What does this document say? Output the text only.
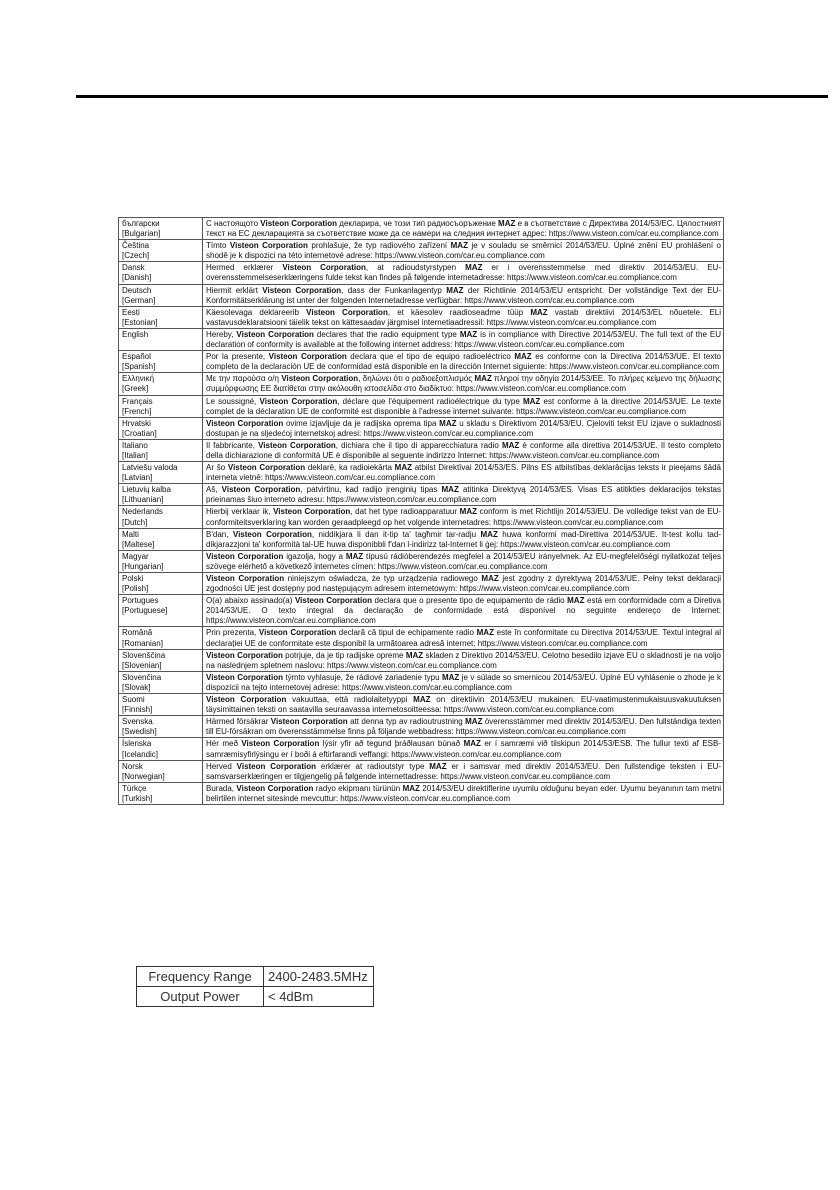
български
[Bulgarian]	С настоящото Visteon Corporation декларира, че този тип радиосъоръжение MAZ е в съответствие с Директива 2014/53/ЕС. Цялостният текст на ЕС декларацията за съответствие може да се намери на следния интернет адрес: https://www.visteon.com/car.eu.compliance.com

Čeština
[Czech]	Tímto Visteon Corporation prohlašuje, že typ radiového zařízení MAZ je v souladu se směrnicí 2014/53/EU. Úplné znění EU prohlášení o shodě je k dispozici na této internetové adrese: https://www.visteon.com/car.eu.compliance.com

Dansk
[Danish]	Hermed erklærer Visteon Corporation, at radioudstyrstypen MAZ er i overensstemmelse med direktiv 2014/53/EU. EU-overensstemmelseserklæringens fulde tekst kan findes på følgende internetadresse: https://www.visteon.com/car.eu.compliance.com

Deutsch
[German]	Hiermit erklärt Visteon Corporation, dass der Funkanlagentyp MAZ der Richtlinie 2014/53/EU entspricht. Der vollständige Text der EU-Konformitätserklärung ist unter der folgenden Internetadresse verfügbar: https://www.visteon.com/car.eu.compliance.com

Eesti
[Estonian]	Käesolevaga deklareerib Visteon Corporation, et käesolev raadioseadme tüüp MAZ vastab direktiivi 2014/53/EL nõuetele. ELi vastavusdeklaratsiooni täielik tekst on kättesaadav järgmisel internetiaadressil: https://www.visteon.com/car.eu.compliance.com

English	Hereby, Visteon Corporation declares that the radio equipment type MAZ is in compliance with Directive 2014/53/EU. The full text of the EU declaration of conformity is available at the following internet address: https://www.visteon.com/car.eu.compliance.com

Español
[Spanish]	Por la presente, Visteon Corporation declara que el tipo de equipo radioeléctrico MAZ es conforme con la Directiva 2014/53/UE. El texto completo de la declaración UE de conformidad está disponible en la dirección Internet siguiente: https://www.visteon.com/car.eu.compliance.com

Ελληνική
[Greek]	Με την παρούσα ο/η Visteon Corporation, δηλώνει ότι ο ραδιοεξοπλισμός MAZ πληροί την οδηγία 2014/53/ΕΕ. Το πλήρες κείμενο της δήλωσης συμμόρφωσης ΕΕ διατίθεται στην ακόλουθη ιστοσελίδα στο διαδίκτυο: https://www.visteon.com/car.eu.compliance.com

Français
[French]	Le soussigné, Visteon Corporation, déclare que l'équipement radioélectrique du type MAZ est conforme à la directive 2014/53/UE. Le texte complet de la déclaration UE de conformité est disponible à l'adresse internet suivante: https://www.visteon.com/car.eu.compliance.com

Hrvatski
[Croatian]	Visteon Corporation ovime izjavljuje da je radijska oprema tipa MAZ u skladu s Direktivom 2014/53/EU. Cjeloviti tekst EU izjave o sukladnosti dostupan je na sljedećoj internetskoj adresi: https://www.visteon.com/car.eu.compliance.com

Italiano
[Italian]	Il fabbricante, Visteon Corporation, dichiara che il tipo di apparecchiatura radio MAZ è conforme alla direttiva 2014/53/UE. Il testo completo della dichiarazione di conformità UE è disponibile al seguente indirizzo Internet: https://www.visteon.com/car.eu.compliance.com

Latviešu valoda
[Latvian]	Ar šo Visteon Corporation deklarē, ka radioiekārta MAZ atbilst Direktīvai 2014/53/ES. Pilns ES atbilstības deklarācijas teksts ir pieejams šādā interneta vietnē: https://www.visteon.com/car.eu.compliance.com

Lietuvių kalba
[Lithuanian]	Aš, Visteon Corporation, patvirtinu, kad radijo įrenginių tipas MAZ atitinka Direktyvą 2014/53/ES. Visas ES atitikties deklaracijos tekstas prieinamas šiuo interneto adresu: https://www.visteon.com/car.eu.compliance.com

Nederlands
[Dutch]	Hierbij verklaar ik, Visteon Corporation, dat het type radioapparatuur MAZ conform is met Richtlijn 2014/53/EU. De volledige tekst van de EU-conformiteitsverklaring kan worden geraadpleegd op het volgende internetadres: https://www.visteon.com/car.eu.compliance.com

Malti
[Maltese]	B'dan, Visteon Corporation, niddikjara li dan it-tip ta' tagħmir tar-radju MAZ huwa konformi mad-Direttiva 2014/53/UE. It-test kollu tad-dikjarazzjoni ta' konformità tal-UE huwa disponibbli f'dan l-indirizz tal-Internet li ġej: https://www.visteon.com/car.eu.compliance.com

Magyar
[Hungarian]	Visteon Corporation igazolja, hogy a MAZ típusú rádióberendezés megfelel a 2014/53/EU irányelvnek. Az EU-megfelelőségi nyilatkozat teljes szövege elérhető a következő internetes címen: https://www.visteon.com/car.eu.compliance.com

Polski
[Polish]	Visteon Corporation niniejszym oświadcza, że typ urządzenia radiowego MAZ jest zgodny z dyrektywą 2014/53/UE. Pełny tekst deklaracji zgodności UE jest dostępny pod następującym adresem internetowym: https://www.visteon.com/car.eu.compliance.com

Portugues
[Portuguese]	O(a) abaixo assinado(a) Visteon Corporation declara que o presente tipo de equipamento de rádio MAZ está em conformidade com a Diretiva 2014/53/UE. O texto integral da declaração de conformidade está disponível no seguinte endereço de Internet: https://www.visteon.com/car.eu.compliance.com

Română
[Romanian]	Prin prezenta, Visteon Corporation declară că tipul de echipamente radio MAZ este în conformitate cu Directiva 2014/53/UE. Textul integral al declarației UE de conformitate este disponibil la următoarea adresă internet: https://www.visteon.com/car.eu.compliance.com

Slovenščina
[Slovenian]	Visteon Corporation potrjuje, da je tip radijske opreme MAZ skladen z Direktivo 2014/53/EU. Celotno besedilo izjave EU o skladnosti je na voljo na naslednjem spletnem naslovu: https://www.visteon.com/car.eu.compliance.com

Slovenčina
[Slovak]	Visteon Corporation týmto vyhlasuje, že rádiové zariadenie typu MAZ je v súlade so smernicou 2014/53/EÚ. Úplné EÚ vyhlásenie o zhode je k dispozícii na tejto internetovej adrese: https://www.visteon.com/car.eu.compliance.com

Suomi
[Finnish]	Visteon Corporation vakuuttaa, että radiolaitetyyppi MAZ on direktiivin 2014/53/EU mukainen. EU-vaatimustenmukaisuusvakuutuksen täysimittainen teksti on saatavilla seuraavassa internetosoitteessa: https://www.visteon.com/car.eu.compliance.com

Svenska
[Swedish]	Härmed försäkrar Visteon Corporation att denna typ av radioutrustning MAZ överensstämmer med direktiv 2014/53/EU. Den fullständiga texten till EU-försäkran om överensstämmelse finns på följande webbadress: https://www.visteon.com/car.eu.compliance.com

Íslenska
[Icelandic]	Hér með Visteon Corporation lýsir yfir að tegund þráðlausan búnað MAZ er í samræmi við tilskipun 2014/53/ESB. The fullur texti af ESB-samræmisyfirlýsingu er í boði á eftirfarandi veffangi: https://www.visteon.com/car.eu.compliance.com

Norsk
[Norwegian]	Herved Visteon Corporation erklærer at radioutstyr type MAZ er i samsvar med direktiv 2014/53/EU. Den fullstendige teksten i EU-samsvarserklæringen er tilgjengelig på følgende internettadresse: https://www.visteon.com/car.eu.compliance.com

Türkçe
[Turkish]	Burada, Visteon Corporation radyo ekipmanı türünün MAZ 2014/53/EU direktiflerine uyumlu olduğunu beyan eder. Uyumu beyanının tam metni belirtilen internet sitesinde mevcuttur: https://www.visteon.com/car.eu.compliance.com
Frequency Range	2400-2483.5MHz
Output Power	< 4dBm
